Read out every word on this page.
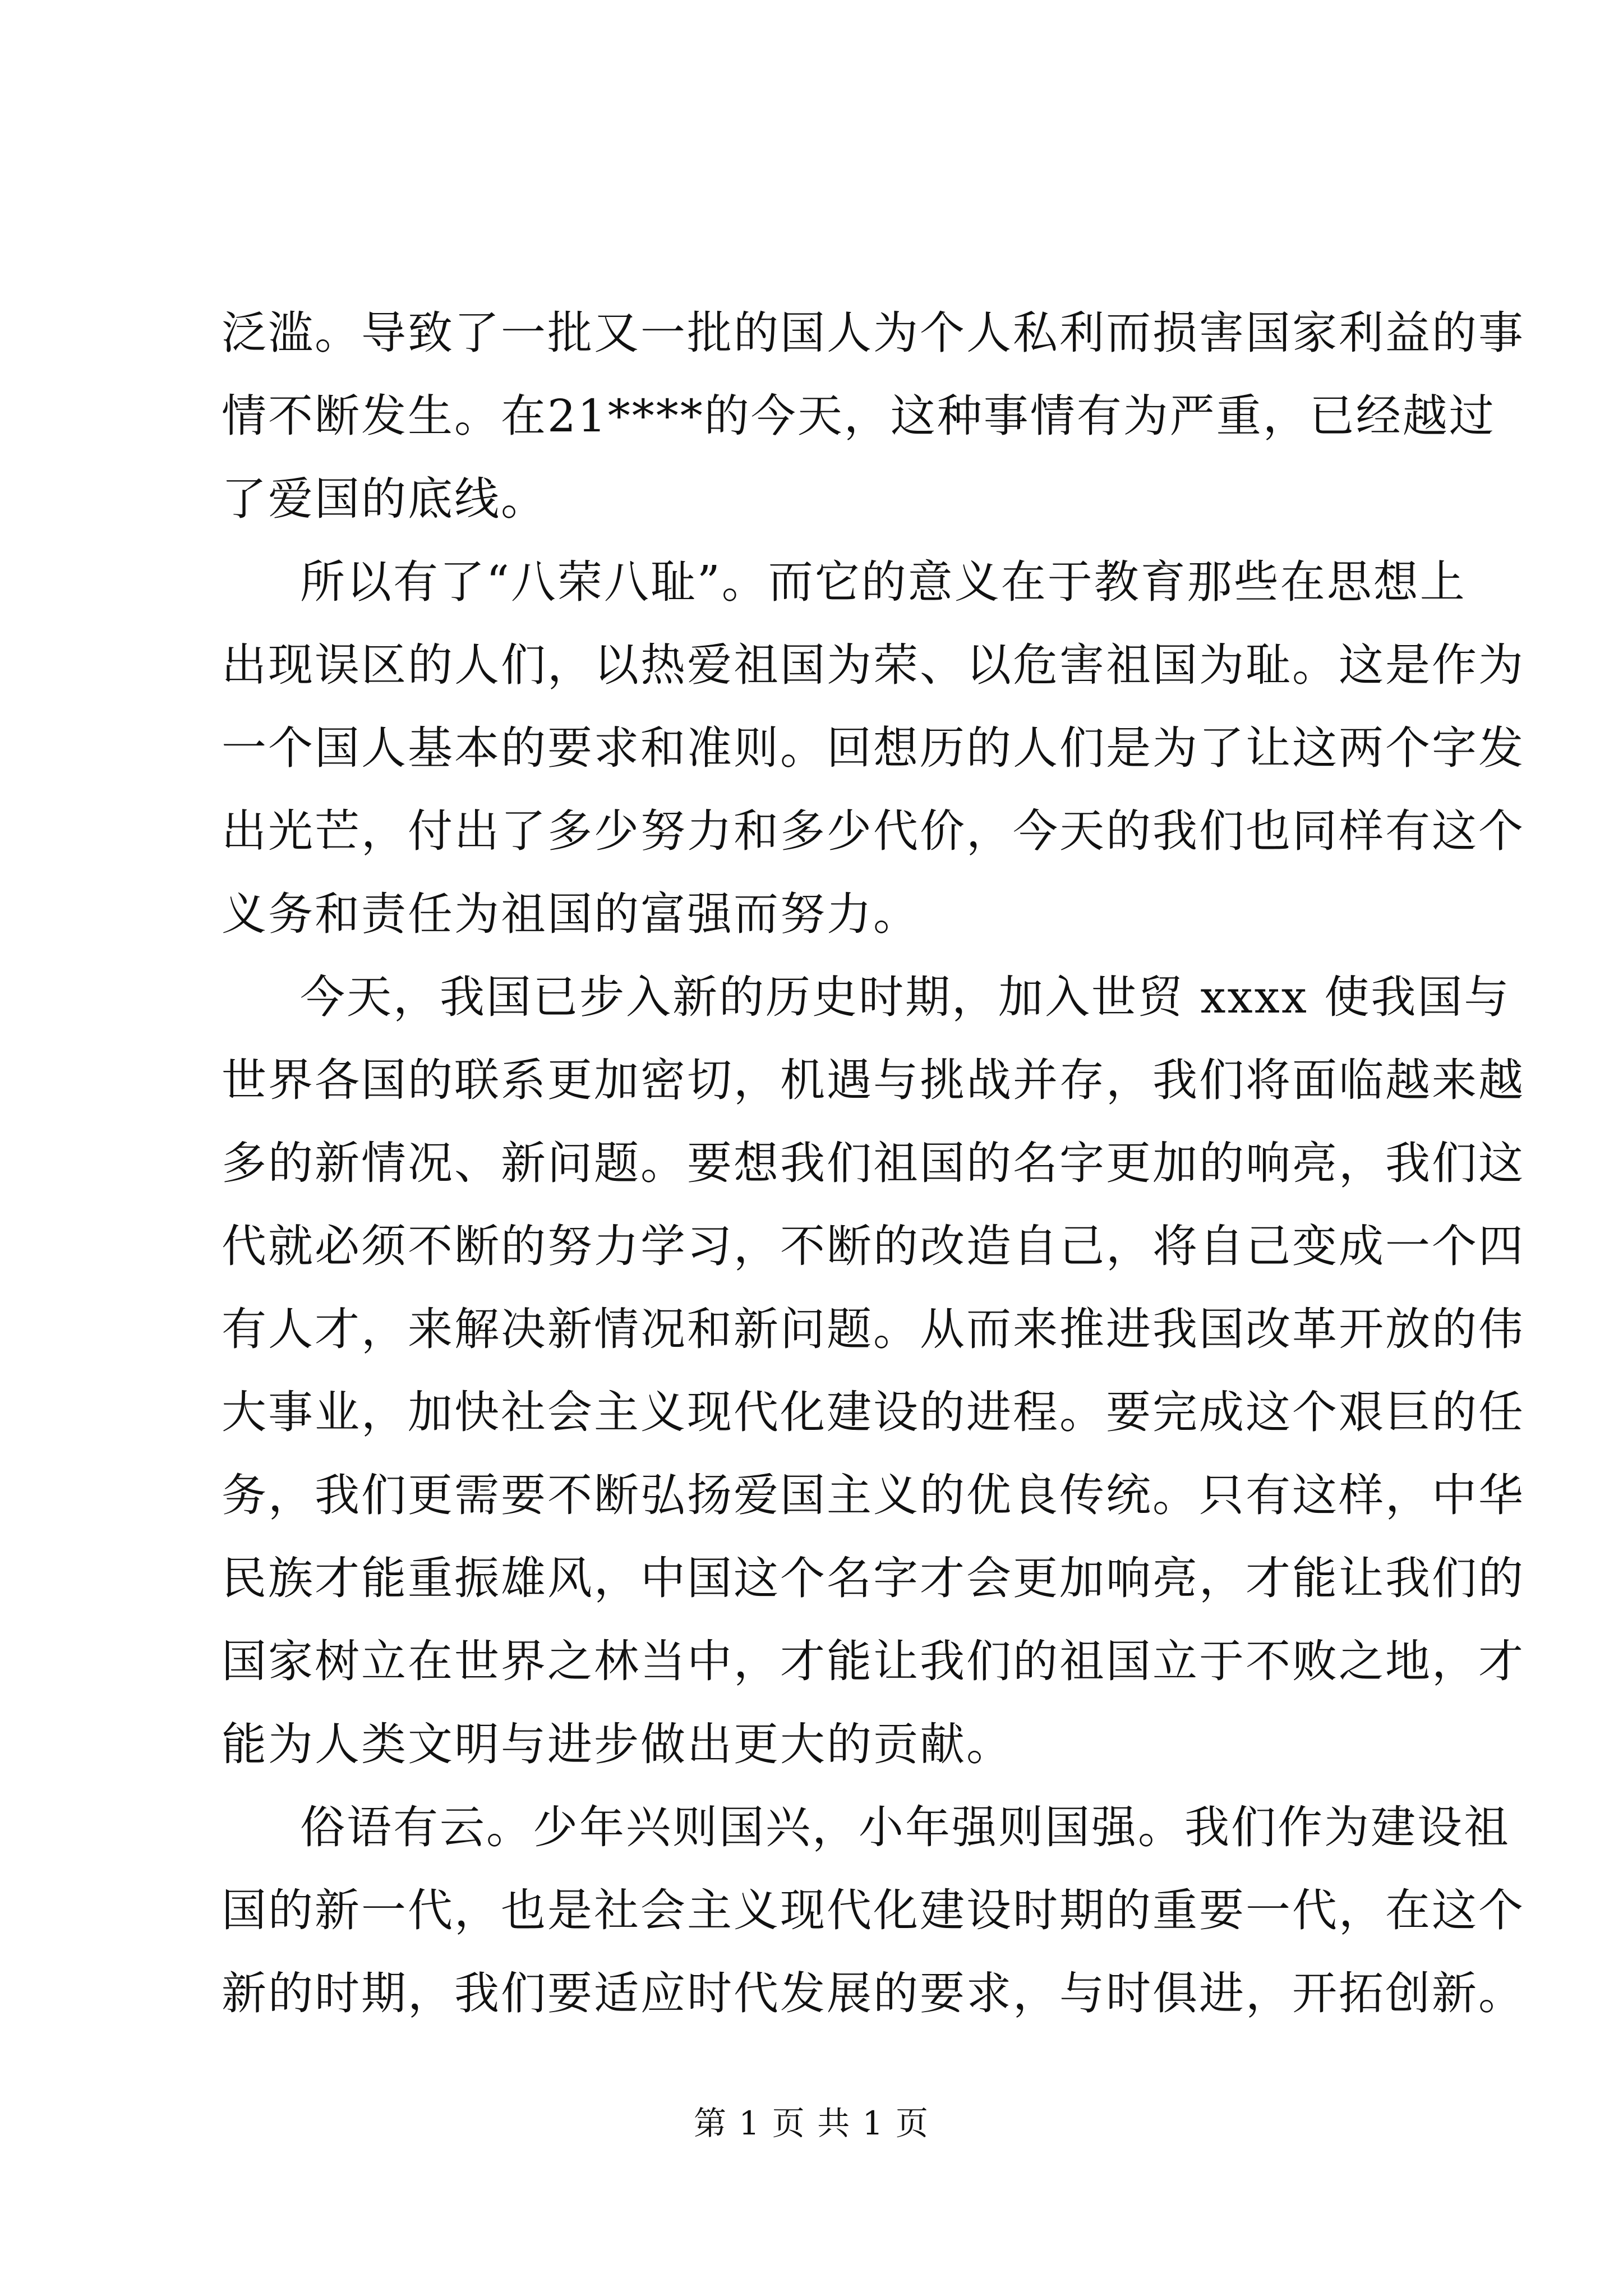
泛滥。导致了一批又一批的国人为个人私利而损害国家利益的事
情不断发生。在21****的今天，这种事情有为严重，已经越过
了爱国的底线。
所以有了“八荣八耻”。而它的意义在于教育那些在思想上
出现误区的人们，以热爱祖国为荣、以危害祖国为耻。这是作为
一个国人基本的要求和准则。回想历的人们是为了让这两个字发
出光芒，付出了多少努力和多少代价，今天的我们也同样有这个
义务和责任为祖国的富强而努力。
今天，我国已步入新的历史时期，加入世贸 xxxx 使我国与
世界各国的联系更加密切，机遇与挑战并存，我们将面临越来越
多的新情况、新问题。要想我们祖国的名字更加的响亮，我们这
代就必须不断的努力学习，不断的改造自己，将自己变成一个四
有人才，来解决新情况和新问题。从而来推进我国改革开放的伟
大事业，加快社会主义现代化建设的进程。要完成这个艰巨的任
务，我们更需要不断弘扬爱国主义的优良传统。只有这样，中华
民族才能重振雄风，中国这个名字才会更加响亮，才能让我们的
国家树立在世界之林当中，才能让我们的祖国立于不败之地，才
能为人类文明与进步做出更大的贡献。
俗语有云。少年兴则国兴，小年强则国强。我们作为建设祖
国的新一代，也是社会主义现代化建设时期的重要一代，在这个
新的时期，我们要适应时代发展的要求，与时俱进，开拓创新。
第 1 页 共 1 页
